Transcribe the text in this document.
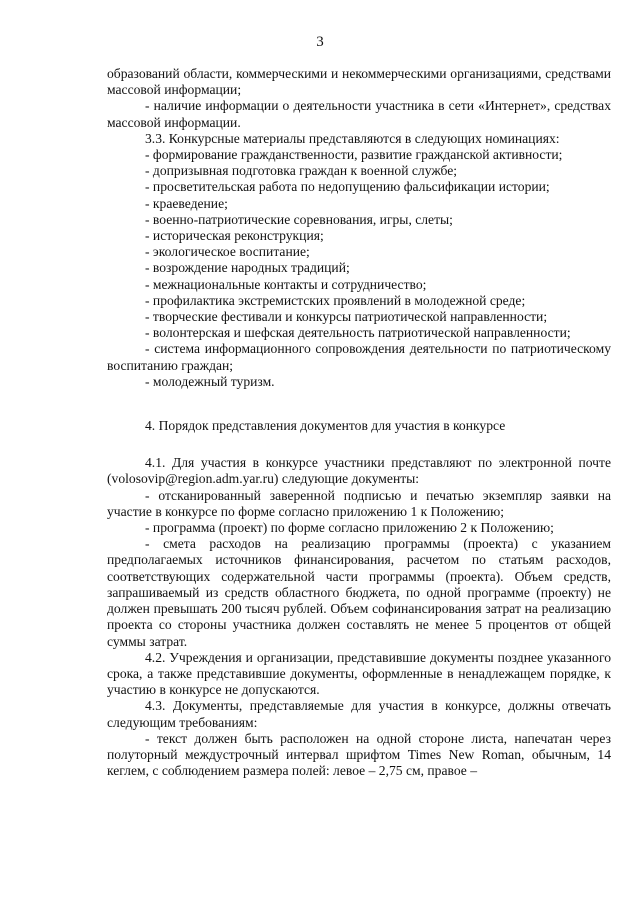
3
образований области, коммерческими и некоммерческими организациями, средствами массовой информации;
- наличие информации о деятельности участника в сети «Интернет», средствах массовой информации.
3.3. Конкурсные материалы представляются в следующих номинациях:
- формирование гражданственности, развитие гражданской активности;
- допризывная подготовка граждан к военной службе;
- просветительская работа по недопущению фальсификации истории;
- краеведение;
- военно-патриотические соревнования, игры, слеты;
- историческая реконструкция;
- экологическое воспитание;
- возрождение народных традиций;
- межнациональные контакты и сотрудничество;
- профилактика экстремистских проявлений в молодежной среде;
- творческие фестивали и конкурсы патриотической направленности;
- волонтерская и шефская деятельность патриотической направленности;
- система информационного сопровождения деятельности по патриотическому воспитанию граждан;
- молодежный туризм.
4. Порядок представления документов для участия в конкурсе
4.1. Для участия в конкурсе участники представляют по электронной почте (volosovip@region.adm.yar.ru) следующие документы:
- отсканированный заверенной подписью и печатью экземпляр заявки на участие в конкурсе по форме согласно приложению 1 к Положению;
- программа (проект) по форме согласно приложению 2 к Положению;
- смета расходов на реализацию программы (проекта) с указанием предполагаемых источников финансирования, расчетом по статьям расходов, соответствующих содержательной части программы (проекта). Объем средств, запрашиваемый из средств областного бюджета, по одной программе (проекту) не должен превышать 200 тысяч рублей. Объем софинансирования затрат на реализацию проекта со стороны участника должен составлять не менее 5 процентов от общей суммы затрат.
4.2. Учреждения и организации, представившие документы позднее указанного срока, а также представившие документы, оформленные в ненадлежащем порядке, к участию в конкурсе не допускаются.
4.3. Документы, представляемые для участия в конкурсе, должны отвечать следующим требованиям:
- текст должен быть расположен на одной стороне листа, напечатан через полуторный междустрочный интервал шрифтом Times New Roman, обычным, 14 кеглем, с соблюдением размера полей: левое – 2,75 см, правое –
